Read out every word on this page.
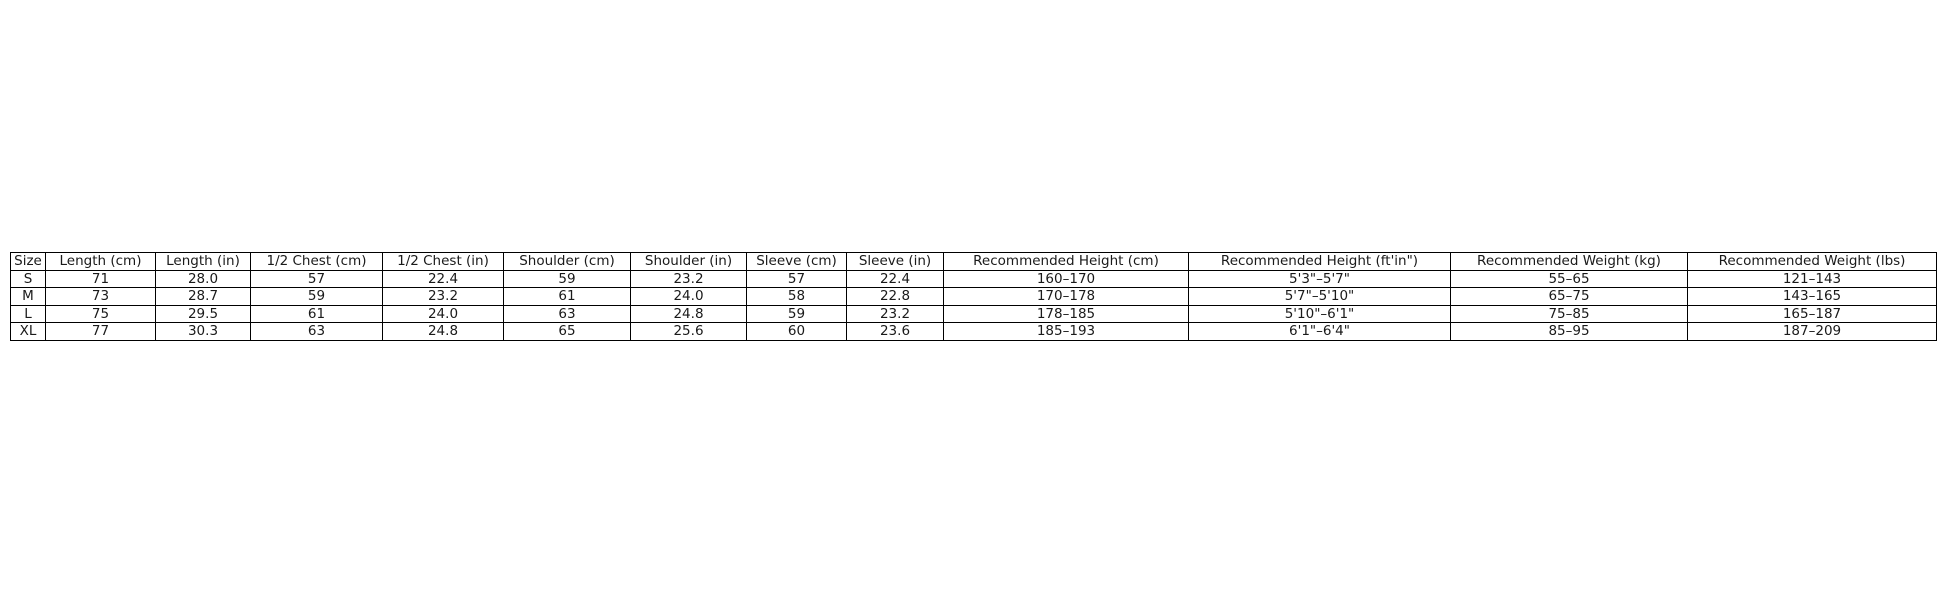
Size	Length (cm)	Length (in)	1/2 Chest (cm)	1/2 Chest (in)	Shoulder (cm)	Shoulder (in)	Sleeve (cm)	Sleeve (in)	Recommended Height (cm)	Recommended Height (ft'in")	Recommended Weight (kg)	Recommended Weight (lbs)
S	71	28.0	57	22.4	59	23.2	57	22.4	160–170	5'3"–5'7"	55–65	121–143
M	73	28.7	59	23.2	61	24.0	58	22.8	170–178	5'7"–5'10"	65–75	143–165
L	75	29.5	61	24.0	63	24.8	59	23.2	178–185	5'10"–6'1"	75–85	165–187
XL	77	30.3	63	24.8	65	25.6	60	23.6	185–193	6'1"–6'4"	85–95	187–209
